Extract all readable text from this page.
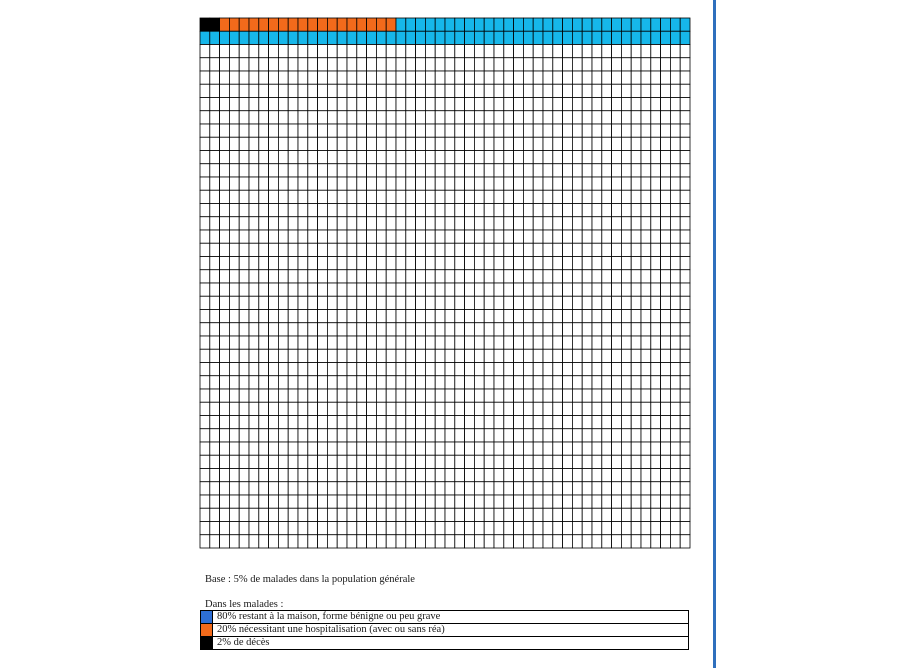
Base : 5% de malades dans la population générale
Dans les malades :
	80% restant à la maison, forme bénigne ou peu grave
	20% nécessitant une hospitalisation (avec ou sans réa)
	2% de décès
